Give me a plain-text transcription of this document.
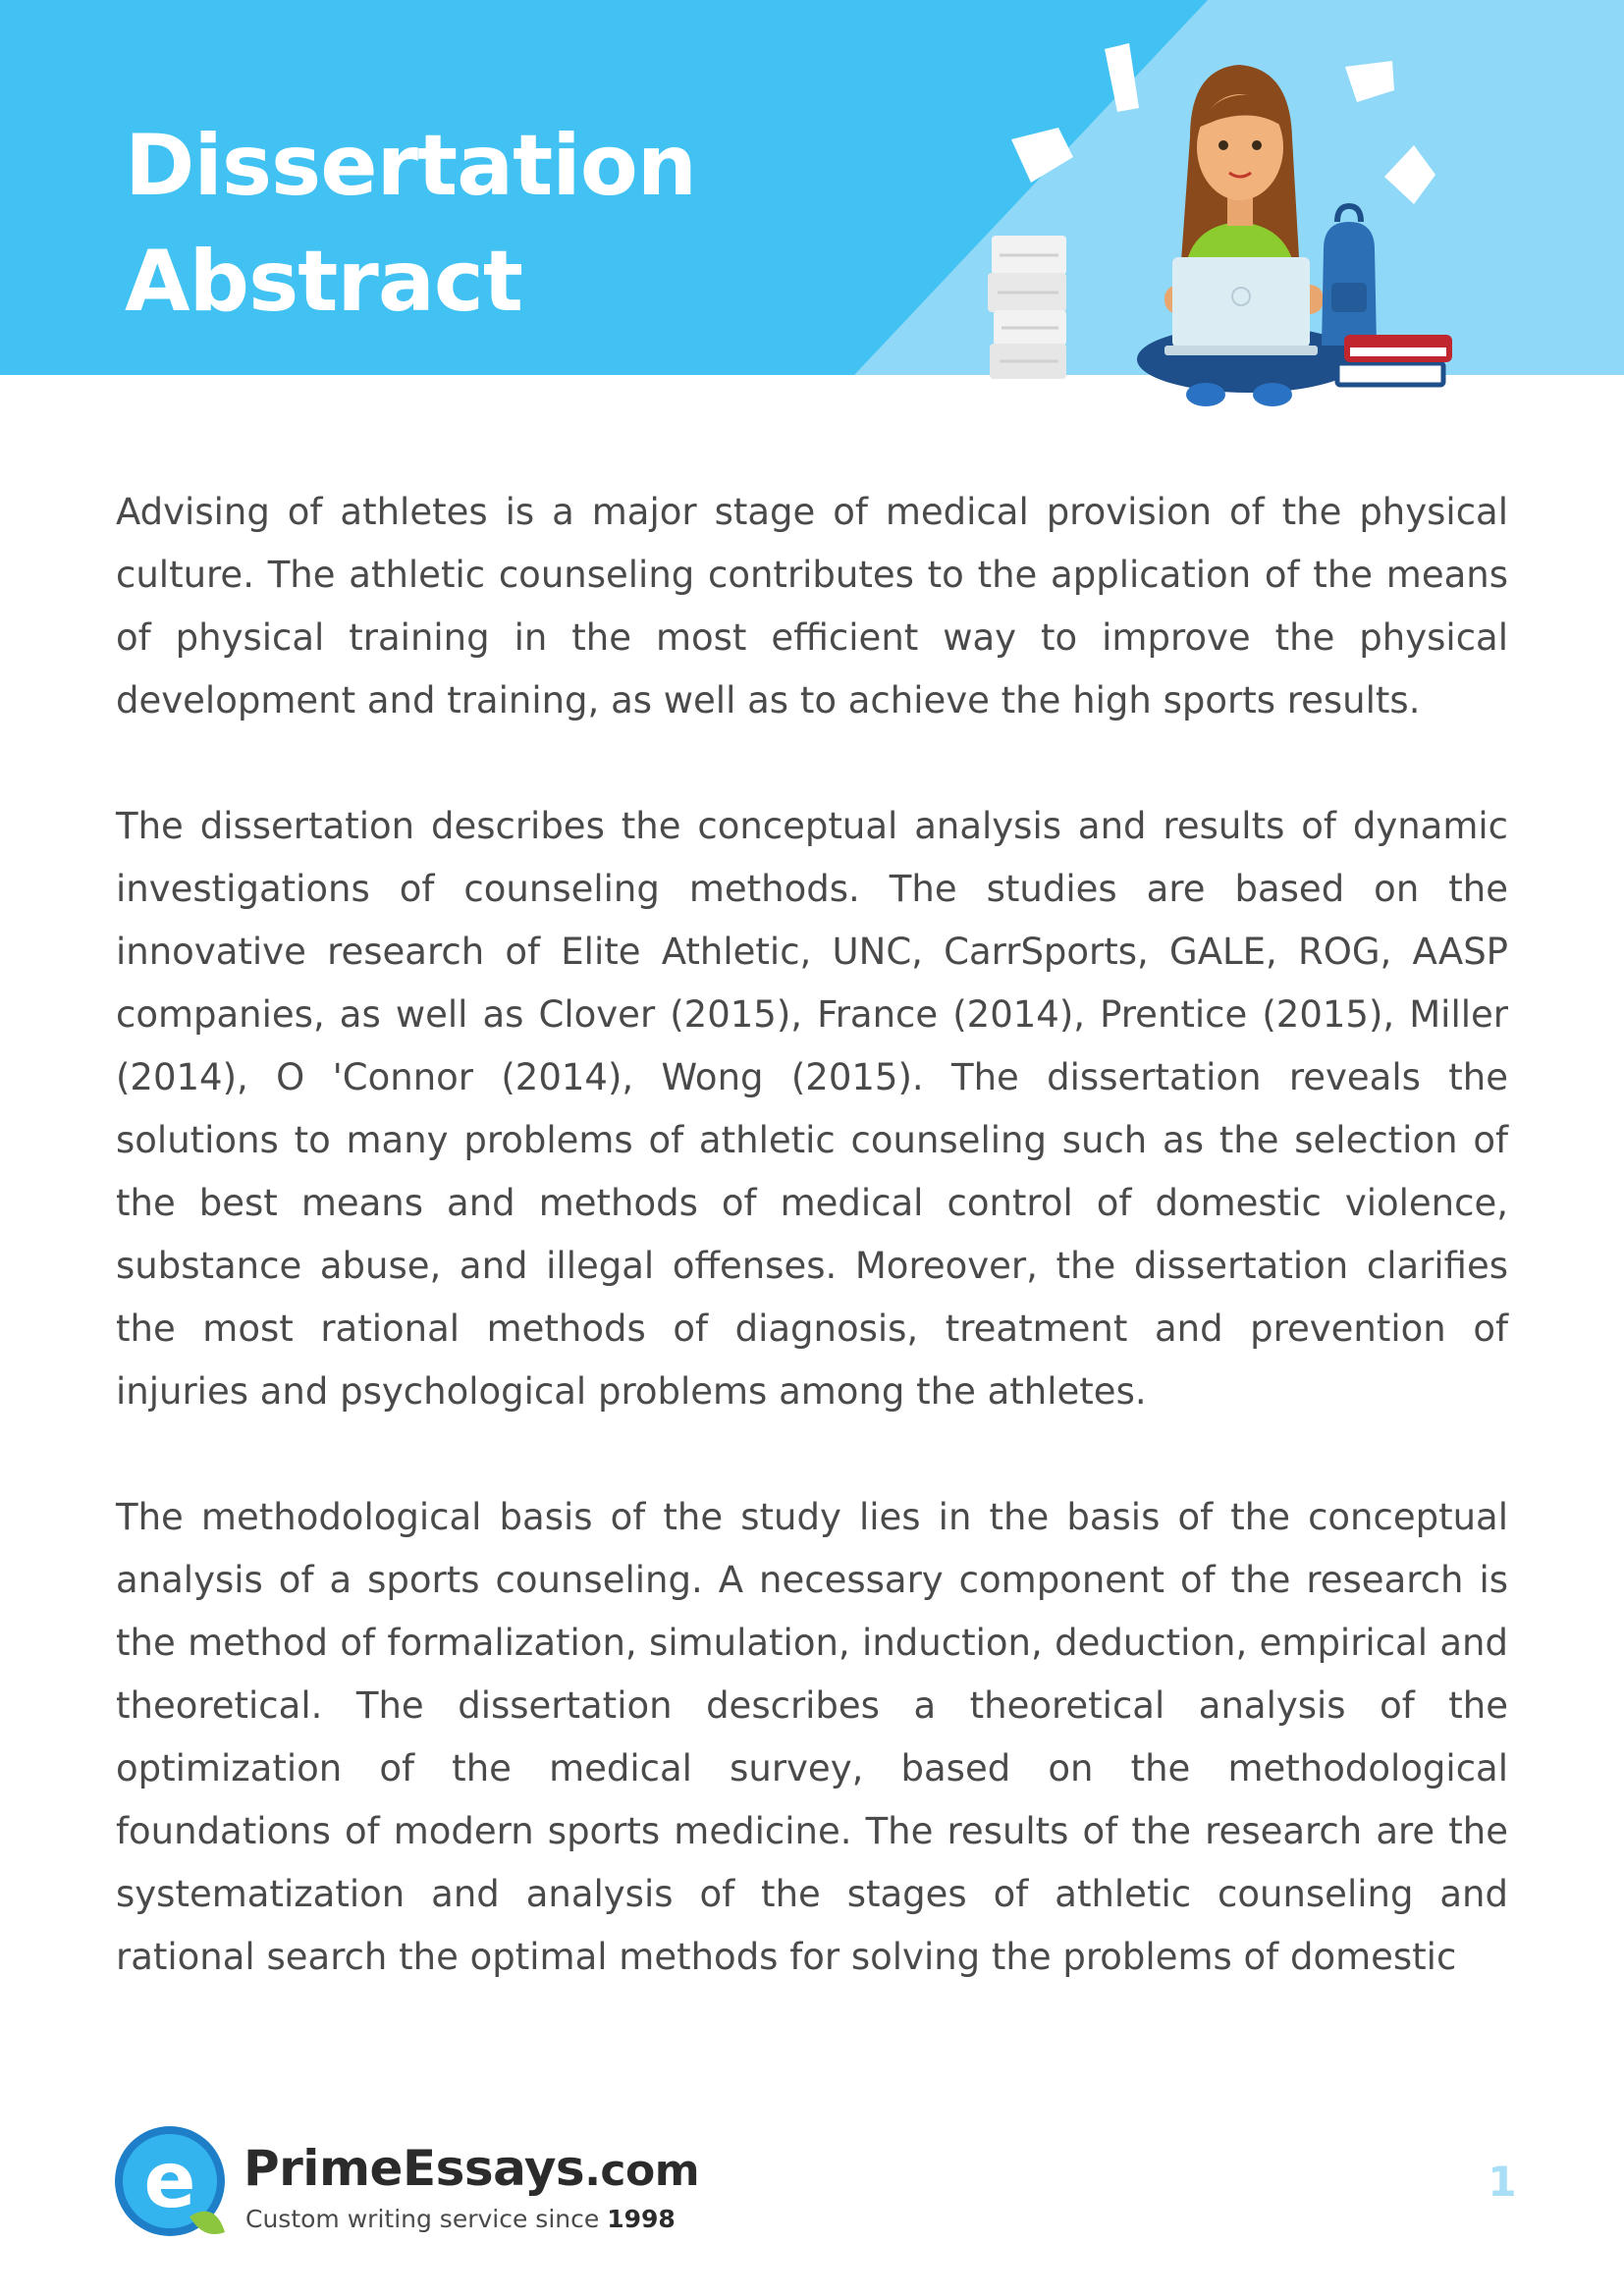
Dissertation
Abstract

Advising of athletes is a major stage of medical provision of the physical culture. The athletic counseling contributes to the application of the means of physical training in the most efficient way to improve the physical development and training, as well as to achieve the high sports results.

The dissertation describes the conceptual analysis and results of dynamic investigations of counseling methods. The studies are based on the innovative research of Elite Athletic, UNC, CarrSports, GALE, ROG, AASP companies, as well as Clover (2015), France (2014), Prentice (2015), Miller (2014), O 'Connor (2014), Wong (2015). The dissertation reveals the solutions to many problems of athletic counseling such as the selection of the best means and methods of medical control of domestic violence, substance abuse, and illegal offenses. Moreover, the dissertation clarifies the most rational methods of diagnosis, treatment and prevention of injuries and psychological problems among the athletes.

The methodological basis of the study lies in the basis of the conceptual analysis of a sports counseling. A necessary component of the research is the method of formalization, simulation, induction, deduction, empirical and theoretical. The dissertation describes a theoretical analysis of the optimization of the medical survey, based on the methodological foundations of modern sports medicine. The results of the research are the systematization and analysis of the stages of athletic counseling and rational search the optimal methods for solving the problems of domestic

e PrimeEssays.com
Custom writing service since 1998
1
